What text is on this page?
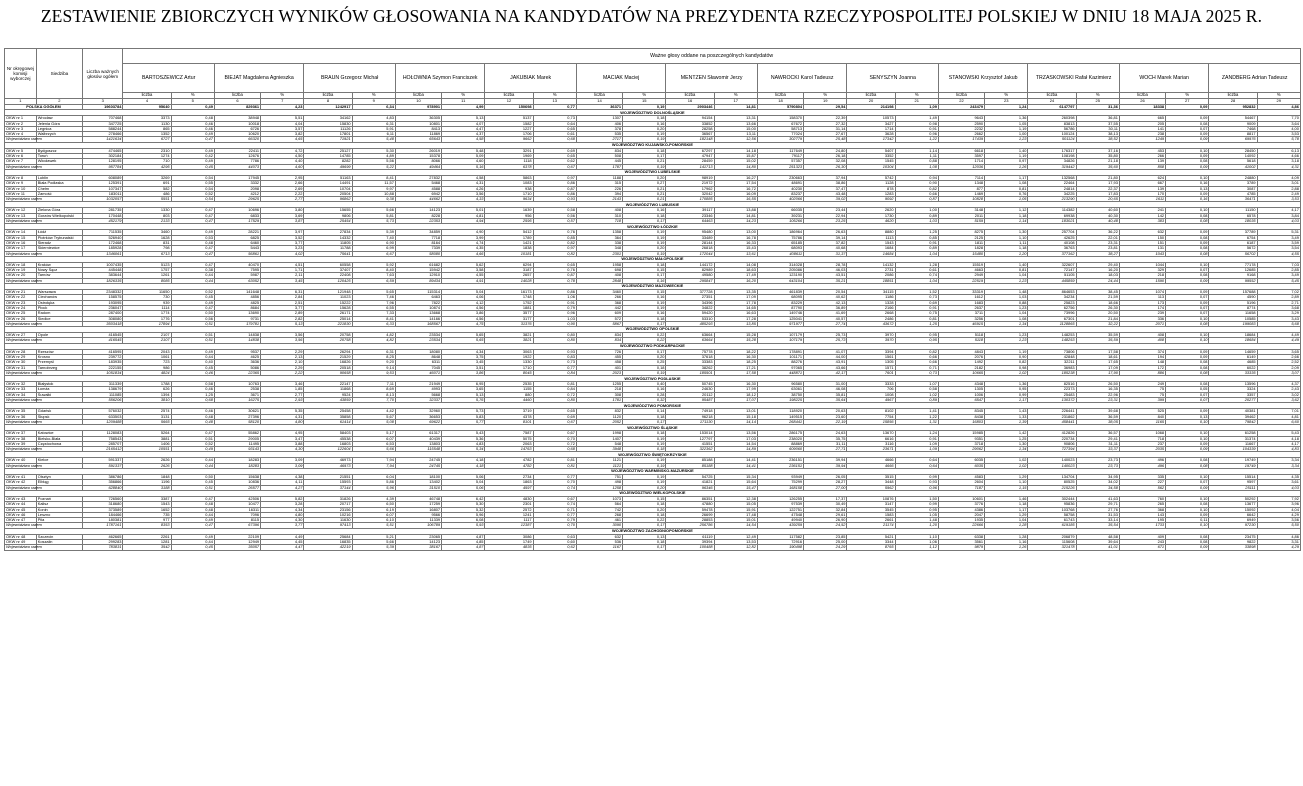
ZESTAWIENIE ZBIORCZYCH WYNIKÓW GŁOSOWANIA NA KANDYDATÓW NA PREZYDENTA RZECZYPOSPOLITEJ POLSKIEJ W DNIU 18 MAJA 2025 R.
Nr okręgowej komisji wyborczej	Siedziba	Liczba ważnych głosów ogółem	Ważne głosy oddane na poszczególnych kandydatów																									
			BARTOSZEWICZ Artur		BIEJAT Magdalena Agnieszka		BRAUN Grzegorz Michał		HOŁOWNIA Szymon Franciszek		JAKUBIAK Marek		MACIAK Maciej		MENTZEN Sławomir Jerzy		NAWROCKI Karol Tadeusz		SENYSZYN Joanna		STANOWSKI Krzysztof Jakub		TRZASKOWSKI Rafał Kazimierz		WOCH Marek Marian		ZANDBERG Adrian Tadeusz	
			liczba	%	liczba	%	liczba	%	liczba	%	liczba	%	liczba	%	liczba	%	liczba	%	liczba	%	liczba	%	liczba	%	liczba	%	liczba	%
1	2	3	4	5	6	7	8	9	10	11	12	13	14	15	16	17	18	19	20	21	22	23	24	25	26	27	28	29
POLSKA OGÓŁEM		19603784	95640	0,49	829361	4,23	1242917	6,34	978901	4,99	150698	0,77	36371	0,19	2903446	14,81	5790804	29,54	214198	1,09	243479	1,24	6147797	31,36	18338	0,09	952832	4,86
WOJEWÓDZTWO DOLNOŚLĄSKIE																												
OKW nr 1	Wrocław	707468	3373	0,48	38948	5,51	34162	4,83	36305	5,13	5137	0,73	1307	0,18	94154	13,31	158370	22,39	10573	1,49	9643	1,36	260398	36,81	665	0,09	54467	7,70
OKW nr 2	Jelenia Góra	347725	1130	0,46	10018	4,04	15830	6,31	10801	4,07	1582	0,64	406	0,16	33852	13,66	67672	27,32	3427	0,98	2590	1,05	83813	37,55	205	0,08	9009	3,64
OKW nr 3	Legnica	588244	865	0,46	6726	3,57	11126	5,91	8413	4,47	1227	0,65	378	0,20	28258	15,00	58713	31,14	1714	0,91	2232	1,19	56786	30,11	141	0,07	7468	4,00
OKW nr 4	Wałbrzych	278466	1352	0,49	10620	3,82	17801	6,11	11869	4,37	1706	0,61	535	0,19	36567	13,11	77024	27,67	3628	0,96	2662	1,00	100124	38,13	238	0,09	8817	3,53
Województwo razem		1421634	6727	0,47	66320	4,65	71921	5,48	65643	4,58	9662	0,68	2717	0,19	182148	12,56	302779	25,48	17342	1,22	17439	1,23	501124	38,52	1249	0,09	69976	5,78
WOJEWÓDZTWO KUJAWSKO-POMORSKIE																												
OKW nr 5	Bydgoszcz	474465	2310	0,49	22411	4,72	25127	5,30	26019	5,48	3291	0,69	834	0,18	67297	14,18	117649	24,80	5407	1,14	6618	1,40	176317	37,16	453	0,10	28450	6,13
OKW nr 6	Toruń	302184	1274	0,42	12676	4,50	14785	4,89	15378	5,09	1969	0,65	508	0,17	47947	15,87	79117	26,18	3352	1,11	3597	1,19	108198	35,80	266	0,09	14092	4,66
OKW nr 7	Włocławek	128195	710	0,49	7786	4,40	8282	5,56	8066	4,60	1118	0,62	445	0,21	28459	15,02	57357	32,08	1545	0,88	1714	0,97	34826	21,18	139	0,08	5618	3,18
Województwo razem		957784	4295	0,45	44073	4,60	49699	5,22	49464	5,16	6378	0,67	1787	0,19	141713	14,80	251323	26,30	10304	1,08	12036	1,26	319442	35,60	858	0,09	41002	4,31
WOJEWÓDZTWO LUBELSKIE																												
OKW nr 8	Lublin	608089	3269	0,54	17945	2,95	51163	8,41	27832	4,58	5863	0,97	1188	0,20	98919	16,27	230663	37,94	5742	0,94	7114	1,17	132568	21,80	624	0,10	24880	4,09
OKW nr 9	Biała Podlaska	125391	691	0,55	3332	2,66	14491	11,57	5468	4,31	1083	0,86	315	0,27	21972	17,54	48691	38,86	1128	0,90	1348	1,08	22464	17,93	667	0,16	3789	3,01
OKW nr 10	Chełm	107347	582	0,54	2098	2,69	10704	9,97	4588	4,26	938	0,87	226	0,21	17962	16,72	40230	37,47	878	0,82	877	0,81	24814	22,37	139	0,13	3087	2,88
OKW nr 11	Zamość	183011	486	0,52	4212	2,22	20504	10,88	6942	3,56	1710	0,86	394	0,21	32042	16,09	83237	43,48	1283	0,66	1469	0,76	34225	17,83	170	0,09	4785	2,49
Województwo razem		1032057	5551	0,54	29625	2,77	96862	9,38	44662	4,33	9634	0,93	2143	0,21	170885	16,55	402066	39,02	9092	0,87	10828	1,05	213290	20,65	1611	0,16	36471	3,53
WOJEWÓDZTWO LUBUSKIE																												
OKW nr 12	Zielona Góra	281735	1330	0,47	10696	3,80	15655	5,66	14123	5,01	1639	0,58	408	0,16	39117	13,88	66035	23,44	2620	1,00	3148	1,12	114382	40,60	241	0,10	11150	4,17
OKW nr 13	Gorzów Wielkopolski	170448	803	0,47	6833	3,69	9806	5,81	8228	4,81	956	0,56	310	0,18	23346	14,81	39231	22,94	1730	0,89	2011	1,18	69938	40,30	142	0,08	6578	3,84
Województwo razem		452179	2133	0,47	17529	3,87	25454	5,73	22353	4,94	2595	0,57	718	0,17	64463	14,23	105266	23,25	4620	1,03	5159	1,14	183021	40,48	383	0,08	18035	4,03
WOJEWÓDZTWO ŁÓDZKIE																												
OKW nr 14	Łódź	711535	3460	0,49	28221	3,97	27834	5,39	34859	4,90	5412	0,76	1358	0,19	95480	13,00	186964	26,63	8880	1,25	8275	1,30	257704	36,22	632	0,09	37789	5,31
OKW nr 15	Piotrków Trybunalski	526940	1628	0,53	6825	3,52	14332	7,40	7718	3,99	1789	0,85	364	0,19	33489	16,78	75786	39,14	1113	0,85	2125	1,10	42625	22,01	150	0,08	6754	3,49
OKW nr 16	Sieradz	172468	831	0,48	6460	3,77	11805	6,90	8164	4,74	1421	0,82	338	0,19	28144	16,33	65185	37,82	1543	0,91	1811	1,11	40108	23,31	151	0,09	6187	3,59
OKW nr 17	Skierniewice	185928	798	0,47	5443	3,23	11788	6,99	7339	4,35	1838	0,97	348	0,20	26818	15,43	68093	40,68	1684	0,89	1828	1,18	36763	23,81	131	0,08	5672	3,54
Województwo razem		1346061	6713	0,47	56861	4,02	75641	6,67	58080	4,66	10181	0,82	2301	0,19	172044	13,61	408611	31,37	14684	1,04	15480	1,20	377162	38,27	1043	0,08	56702	4,55
WOJEWÓDZTWO MAŁOPOLSKIE																												
OKW nr 18	Kraków	1007435	5123	0,47	40470	4,51	60558	5,92	61682	5,62	6294	0,65	1958	0,18	144172	14,08	314028	28,78	14132	1,28	15519	1,40	322607	29,40	1044	0,10	77178	7,03
OKW nr 19	Nowy Sącz	445448	1757	0,38	7595	1,71	37407	8,40	15942	3,58	3187	0,76	698	0,15	82989	18,63	205086	46,03	2731	0,61	4663	0,81	72147	16,20	329	0,07	12685	2,85
OKW nr 20	Tarnów	383644	1261	0,44	5987	2,11	22408	7,63	12910	4,55	2657	0,87	408	0,17	49580	17,49	123190	43,51	2086	0,74	2949	1,04	51105	18,03	218	0,08	9168	3,49
Województwo razem		1826335	8085	0,44	63052	3,45	120425	6,59	89434	4,91	14028	0,78	2848	0,16	295847	16,20	643104	35,21	18851	1,04	22519	1,23	445859	24,44	1590	0,09	99552	5,45
WOJEWÓDZTWO MAZOWIECKIE																												
OKW nr 21	Warszawa	2348332	11650	0,52	141648	6,31	121948	5,65	115314	5,04	16173	0,86	3460	0,15	377728	13,35	461839	20,54	34115	1,52	33319	1,48	864653	38,45	1074	0,09	157688	7,02
OKW nr 22	Ciechanów	158575	730	0,45	4856	2,84	11023	7,46	6463	4,06	1748	1,06	266	0,16	27351	17,09	68095	40,62	1186	0,73	1612	1,03	34234	21,59	113	0,07	4590	2,89
OKW nr 23	Ostrołęka	193095	939	0,49	4825	2,51	15222	7,96	7822	4,12	1752	0,91	368	0,19	34396	17,78	83229	42,13	1328	0,69	1683	0,88	25823	18,66	173	0,09	5196	2,71
OKW nr 24	Płock	236047	1114	0,47	8684	3,77	15628	6,55	10874	4,56	1881	0,79	442	0,19	34822	14,65	87790	36,89	2166	0,91	2637	1,23	62756	26,30	174	0,07	8774	3,68
OKW nr 25	Radom	287400	1774	0,50	13690	2,89	26171	7,33	13668	3,86	3577	0,96	609	0,16	59420	16,63	149746	41,69	2668	0,75	3711	1,04	73996	20,50	239	0,07	11658	3,29
OKW nr 26	Siedlce	308080	1776	0,56	9731	2,82	25014	8,41	14166	4,56	3177	1,03	572	0,18	53310	17,28	125041	40,57	2486	0,81	3256	1,08	67301	21,84	336	0,10	10585	3,43
Województwo razem		3503418	17894	0,51	179781	5,13	221830	6,33	168567	4,75	31376	0,90	5867	0,17	485293	13,85	971977	27,74	43672	1,25	46915	1,34	1128865	32,22	2071	0,08	199083	5,68
WOJEWÓDZTWO OPOLSKIE																												
OKW nr 27	Opole	416545	2107	0,51	14838	3,56	20758	4,82	23534	5,65	3821	0,80	834	0,22	63664	15,28	107179	25,73	3970	0,95	5118	1,23	148253	35,59	408	0,10	18684	4,49
Województwo razem		416545	2107	0,51	14838	3,56	20758	4,82	23534	5,65	3821	0,80	834	0,22	63664	15,28	107179	25,73	3970	0,95	5118	1,23	148253	35,59	408	0,10	18684	4,49
WOJEWÓDZTWO PODKARPACKIE																												
OKW nr 28	Rzeszów	416595	2043	0,49	9537	2,29	26294	6,31	18080	4,34	3063	0,93	726	0,17	75778	18,22	178891	41,07	3394	0,82	4843	1,19	73806	17,58	374	0,09	14659	3,65
OKW nr 29	Krosno	239772	1061	0,44	4625	2,13	21529	8,25	8648	3,75	1922	0,83	455	0,20	37618	16,30	101171	44,00	1561	0,66	2076	0,90	42848	18,61	194	0,09	6149	2,66
OKW nr 30	Przemyśl	183935	723	0,40	3636	2,10	16826	9,20	6311	3,45	1330	0,73	458	0,25	33383	18,25	88276	43,91	1305	0,66	1492	0,82	32211	17,65	148	0,08	4685	2,52
OKW nr 31	Tarnobrzeg	222155	986	0,45	5086	2,29	20518	9,14	7045	3,51	1710	0,77	401	0,18	38262	17,21	97065	43,66	1571	0,71	2182	0,98	36983	17,09	172	0,08	6022	2,09
Województwo razem		1051834	4824	0,46	22365	2,22	90658	9,53	46071	3,86	8045	0,84	2023	0,19	185501	17,58	448871	42,17	7601	0,73	10665	1,02	185238	17,90	886	0,08	33335	3,07
WOJEWÓDZTWO PODLASKIE																												
OKW nr 32	Białystok	311339	1788	0,58	10763	3,46	22147	7,11	21949	6,95	2535	0,81	1255	0,40	50745	16,30	96580	31,00	3333	1,07	4348	1,36	82516	26,50	249	0,08	13596	4,37
OKW nr 33	Łomża	138679	626	0,46	2538	1,85	11868	8,69	4993	3,65	1155	0,84	218	0,16	24630	17,99	63061	46,08	706	0,58	1305	0,95	22373	16,35	75	0,05	3324	2,43
OKW nr 34	Suwałki	111085	1394	1,25	3671	2,77	9524	8,13	5668	5,13	880	0,72	308	0,28	20112	18,12	38750	35,81	1008	1,02	1006	0,99	25483	22,96	75	0,07	3357	3,02
Województwo razem		556206	3810	0,68	16275	2,93	43859	7,70	32337	5,76	4460	0,80	1781	0,32	95487	17,07	198225	35,64	4967	0,89	6547	1,17	130372	23,31	399	0,07	20277	3,62
WOJEWÓDZTWO POMORSKIE																												
OKW nr 35	Gdańsk	576032	2574	0,46	30621	5,35	25458	4,42	32960	5,73	3719	0,65	832	0,14	74918	13,01	118920	20,63	8102	1,41	8345	1,43	226441	39,68	525	0,09	40381	7,01
OKW nr 36	Słupsk	633503	3131	0,48	27396	4,31	35858	5,67	36653	5,83	4378	0,69	1120	0,18	96218	15,18	149515	23,60	7754	1,22	8438	1,33	231862	36,59	840	0,13	39462	4,81
Województwo razem		1209488	5665	0,48	58120	4,80	61414	5,08	69622	5,77	8101	0,67	2052	0,17	171130	14,14	268441	22,19	15856	1,31	16803	1,39	458441	38,05	1165	0,10	79842	6,60
WOJEWÓDZTWO ŚLĄSKIE																												
OKW nr 37	Katowice	1128083	5264	0,47	55862	4,95	58403	5,17	61317	5,43	7587	0,67	1998	0,18	153014	13,56	286175	24,63	13670	1,24	15985	1,42	412826	36,57	1068	0,10	61258	5,43
OKW nr 38	Bielsko-Biała	758543	3881	0,51	29005	3,47	45538	6,07	40439	5,36	5075	0,70	1407	0,19	127797	17,03	238020	35,75	6616	0,91	9351	1,25	220734	29,41	718	0,10	31374	4,18
OKW nr 39	Częstochowa	285707	1406	0,52	11495	3,88	16803	6,53	13803	4,83	2063	0,72	548	0,19	41551	14,54	88869	31,11	3116	1,09	3718	1,30	90806	31,11	237	0,09	11667	4,17
Województwo razem		2165412	10551	0,49	93143	4,30	122604	5,66	115548	5,34	14763	0,68	3948	0,18	322362	14,89	609060	27,71	23671	1,09	29062	1,34	727394	33,37	2035	0,09	104339	4,83
WOJEWÓDZTWO ŚWIĘTOKRZYSKIE																												
OKW nr 40	Kielce	591337	2626	0,44	18283	3,09	46973	7,94	24745	4,18	4782	0,81	1121	0,19	85188	14,41	236151	39,94	4666	0,64	6035	1,02	140023	23,73	496	0,08	19749	3,34
Województwo razem		591337	2626	0,44	18283	3,09	46973	7,94	24745	4,18	4782	0,81	1121	0,19	85188	14,41	236151	39,94	4666	0,64	6035	1,02	140023	23,73	496	0,08	19749	3,34
WOJEWÓDZTWO WARMIŃSKO-MAZURSKIE																												
OKW nr 41	Olsztyn	386786	1848	0,50	15638	4,38	21551	6,04	18100	5,06	2734	0,77	751	0,19	54725	15,34	93949	26,05	3515	0,99	4583	1,29	134704	34,95	335	0,10	15514	4,35
OKW nr 42	Elbląg	356866	1196	0,45	10836	4,11	15593	5,86	13402	5,04	1863	0,70	498	0,19	41821	15,64	75299	28,27	3448	0,93	2604	1,10	80525	34,02	227	0,07	9597	3,61
Województwo razem		628840	3188	0,51	26577	4,27	37144	5,96	31510	5,06	4597	0,74	1258	0,20	96346	15,47	168158	27,00	5962	0,96	7187	1,15	215226	34,58	562	0,09	25111	4,03
WOJEWÓDZTWO WIELKOPOLSKIE																												
OKW nr 43	Poznań	726560	3387	0,47	42506	5,82	31826	4,39	46748	6,42	4830	0,67	1073	0,15	86351	12,38	126255	17,37	10876	1,50	10601	1,46	302444	41,63	760	0,10	50292	7,92
OKW nr 44	Kalisz	318680	1543	0,48	10477	3,28	20717	6,50	17259	5,30	2301	0,74	564	0,18	47880	15,05	97539	30,49	3147	0,99	3776	1,18	95836	29,71	265	0,08	13677	3,96
OKW nr 45	Konin	373589	1652	0,48	16311	4,34	23156	6,19	16807	5,32	2572	0,71	742	0,20	59478	15,91	122751	32,84	3545	0,95	4386	1,17	103768	27,76	368	0,10	15092	4,04
OKW nr 46	Leszno	184466	735	0,44	7096	4,80	10216	6,07	9566	5,96	1241	0,77	268	0,18	26699	17,48	47548	29,61	1583	1,05	2047	1,29	58758	31,53	143	0,09	6642	4,29
OKW nr 47	Piła	180381	977	0,49	8115	4,30	11630	6,10	11339	6,08	1117	0,79	461	0,22	28853	15,01	49940	26,90	2661	1,48	1935	1,04	61743	33,14	195	0,11	6949	3,56
Województwo razem		1787161	8353	0,47	67396	3,77	97413	5,51	106789	5,93	12387	0,70	3090	0,17	256786	14,54	439259	24,52	21174	1,20	22666	1,28	619185	35,54	1733	0,10	97230	5,50
WOJEWÓDZTWO ZACHODNIOPOMORSKIE																												
OKW nr 48	Szczecin	462665	2261	0,49	22109	4,49	25684	5,21	23065	4,87	3086	0,63	632	0,13	61119	12,49	117582	23,85	5421	1,10	6338	1,28	206879	48,58	409	0,08	23475	4,86
OKW nr 49	Koszalin	299283	1281	0,44	12949	4,45	16835	5,66	14123	4,85	1749	0,60	536	0,18	39394	13,53	72916	25,00	3344	1,06	3561	1,16	115608	39,64	243	0,08	9822	3,31
Województwo razem		783831	3542	0,45	35057	4,47	42219	5,39	38167	4,87	4835	0,62	1167	0,17	100488	12,82	190498	24,29	8765	1,12	9879	1,26	321478	41,01	671	0,09	33898	4,29
